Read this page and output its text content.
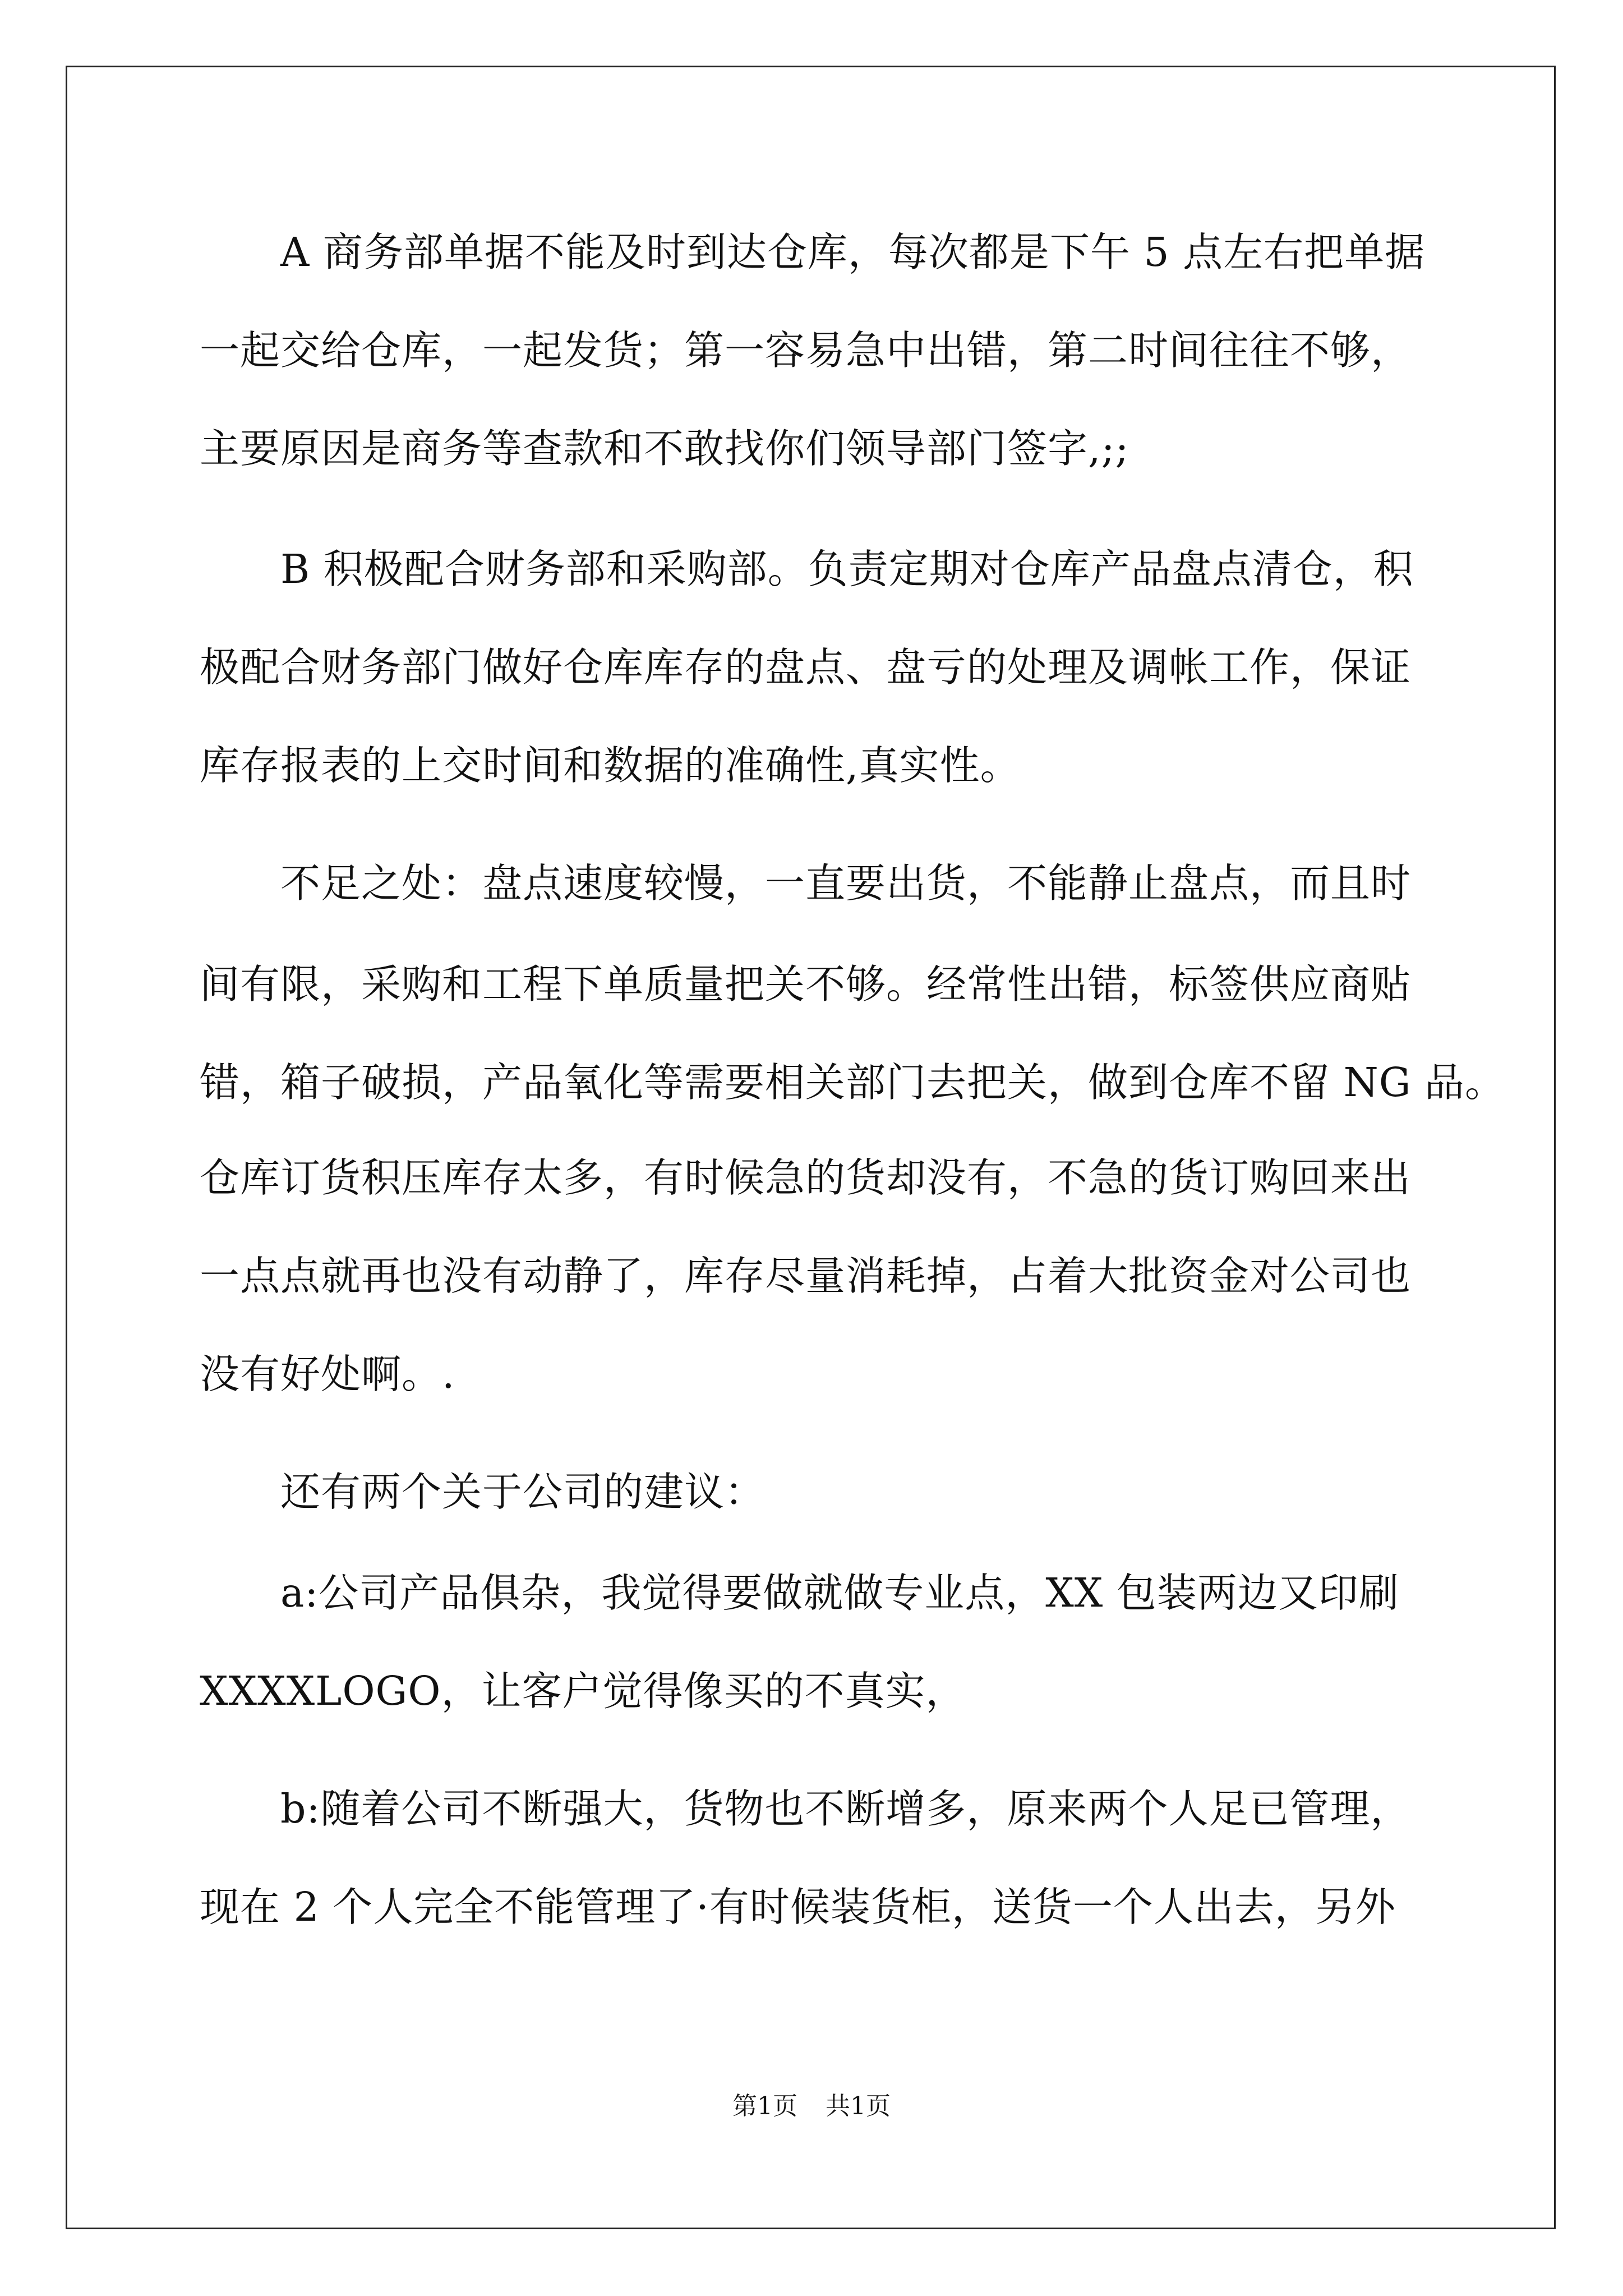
A 商务部单据不能及时到达仓库，每次都是下午 5 点左右把单据
一起交给仓库，一起发货；第一容易急中出错，第二时间往往不够，
主要原因是商务等查款和不敢找你们领导部门签字,;;
B 积极配合财务部和采购部。负责定期对仓库产品盘点清仓，积
极配合财务部门做好仓库库存的盘点、盘亏的处理及调帐工作，保证
库存报表的上交时间和数据的准确性,真实性。
不足之处：盘点速度较慢，一直要出货，不能静止盘点，而且时
间有限，采购和工程下单质量把关不够。经常性出错，标签供应商贴
错，箱子破损，产品氧化等需要相关部门去把关，做到仓库不留 NG 品。
仓库订货积压库存太多，有时候急的货却没有，不急的货订购回来出
一点点就再也没有动静了，库存尽量消耗掉，占着大批资金对公司也
没有好处啊。.
还有两个关于公司的建议：
a:公司产品俱杂，我觉得要做就做专业点，XX 包装两边又印刷
XXXXLOGO，让客户觉得像买的不真实，
b:随着公司不断强大，货物也不断增多，原来两个人足已管理，
现在 2 个人完全不能管理了·有时候装货柜，送货一个人出去，另外
第1页 共1页
